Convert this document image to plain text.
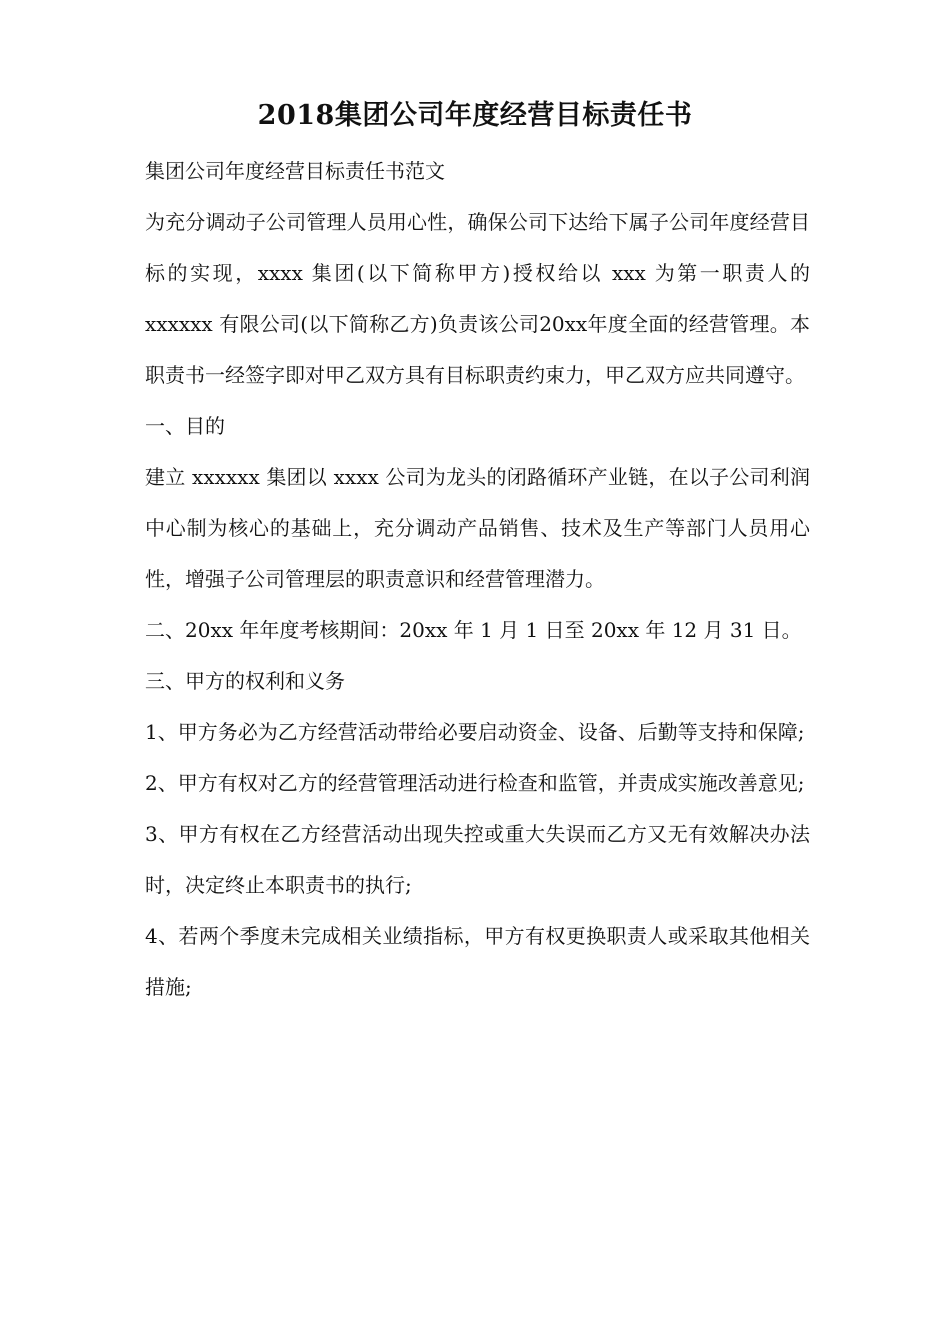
2018集团公司年度经营目标责任书

集团公司年度经营目标责任书范文

为充分调动子公司管理人员用心性，确保公司下达给下属子公司年度经营目标的实现，xxxx 集团(以下简称甲方)授权给以 xxx 为第一职责人的 xxxxxx 有限公司(以下简称乙方)负责该公司20xx年度全面的经营管理。本职责书一经签字即对甲乙双方具有目标职责约束力，甲乙双方应共同遵守。

一、目的

建立 xxxxxx 集团以 xxxx 公司为龙头的闭路循环产业链，在以子公司利润中心制为核心的基础上，充分调动产品销售、技术及生产等部门人员用心性，增强子公司管理层的职责意识和经营管理潜力。

二、20xx 年年度考核期间：20xx 年 1 月 1 日至 20xx 年 12 月 31 日。

三、甲方的权利和义务

1、甲方务必为乙方经营活动带给必要启动资金、设备、后勤等支持和保障;

2、甲方有权对乙方的经营管理活动进行检查和监管，并责成实施改善意见;

3、甲方有权在乙方经营活动出现失控或重大失误而乙方又无有效解决办法时，决定终止本职责书的执行;

4、若两个季度未完成相关业绩指标，甲方有权更换职责人或采取其他相关措施;
